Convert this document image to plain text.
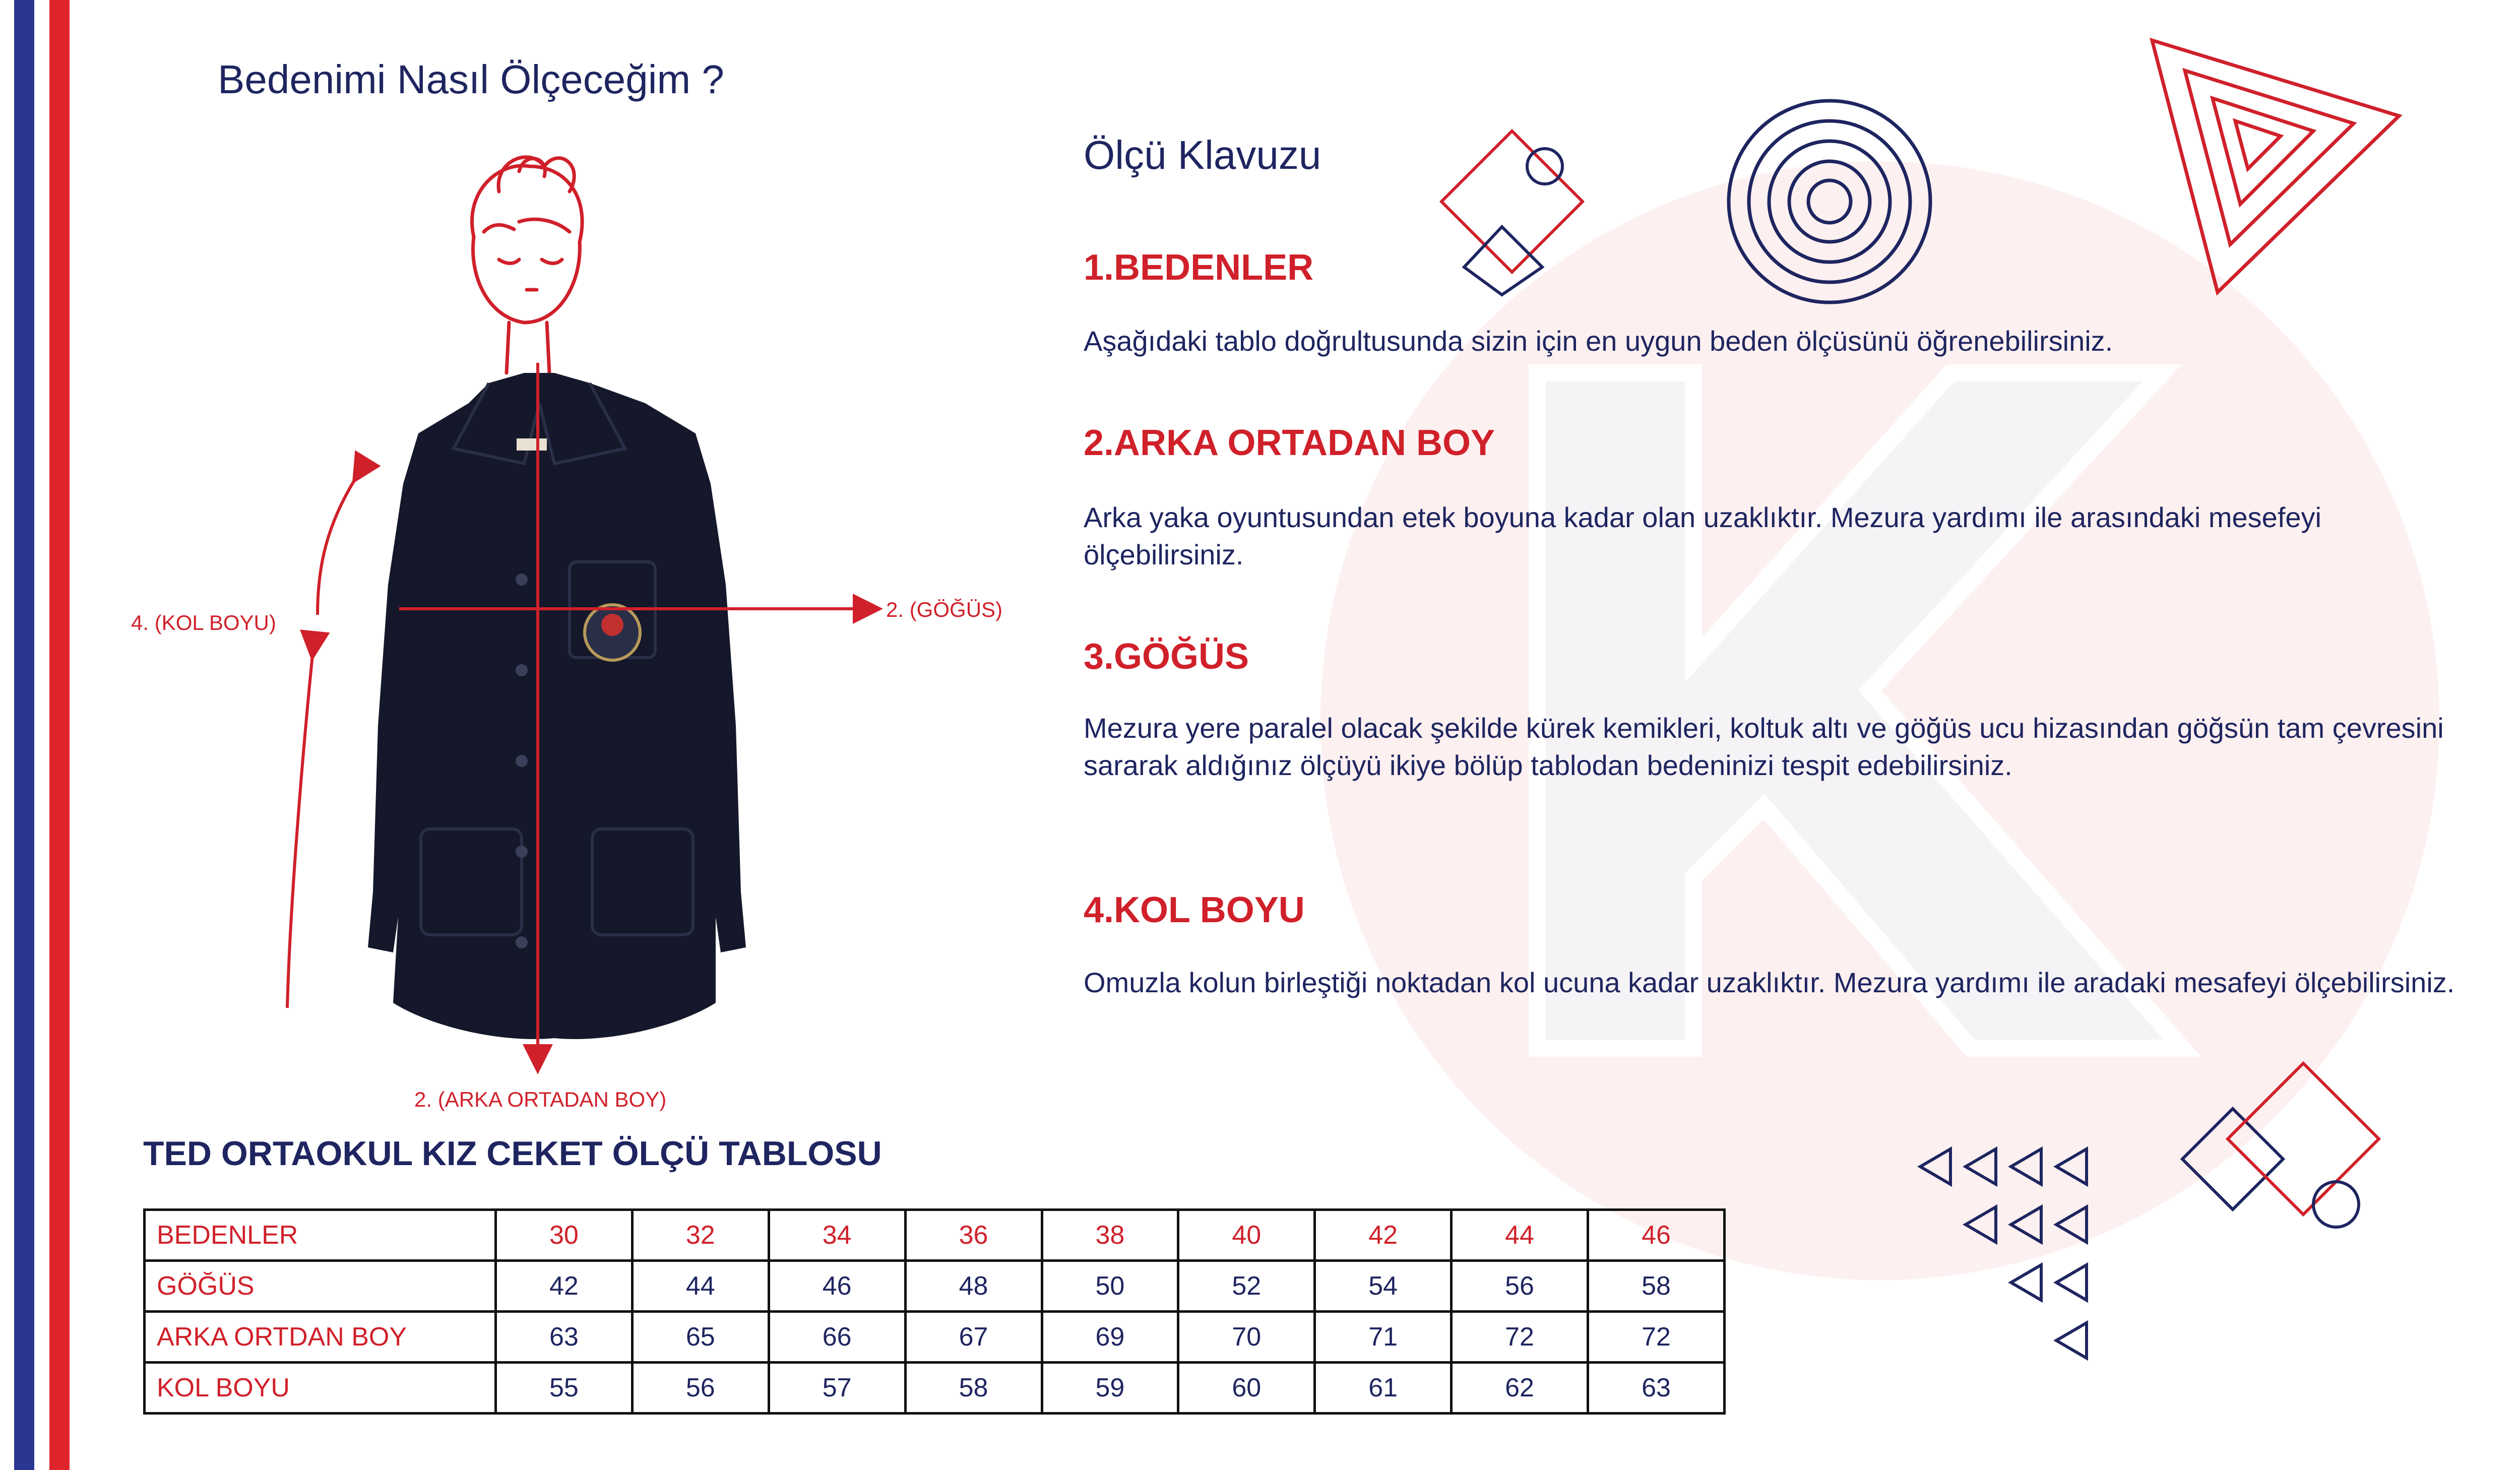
Bedenimi Nasıl Ölçeceğim ?
4. (KOL BOYU)
2. (GÖĞÜS)
2. (ARKA ORTADAN BOY)
Ölçü Klavuzu
1.BEDENLER
Aşağıdaki tablo doğrultusunda sizin için en uygun beden ölçüsünü öğrenebilirsiniz.
2.ARKA ORTADAN BOY
Arka yaka oyuntusundan etek boyuna kadar olan uzaklıktır. Mezura yardımı ile arasındaki mesefeyi ölçebilirsiniz.
3.GÖĞÜS
Mezura yere paralel olacak şekilde kürek kemikleri, koltuk altı ve göğüs ucu hizasından göğsün tam çevresini sararak aldığınız ölçüyü ikiye bölüp tablodan bedeninizi tespit edebilirsiniz.
4.KOL BOYU
Omuzla kolun birleştiği noktadan kol ucuna kadar uzaklıktır. Mezura yardımı ile aradaki mesafeyi ölçebilirsiniz.
TED ORTAOKUL KIZ CEKET ÖLÇÜ TABLOSU
BEDENLER	30	32	34	36	38	40	42	44	46
GÖĞÜS	42	44	46	48	50	52	54	56	58
ARKA ORTDAN BOY	63	65	66	67	69	70	71	72	72
KOL BOYU	55	56	57	58	59	60	61	62	63
